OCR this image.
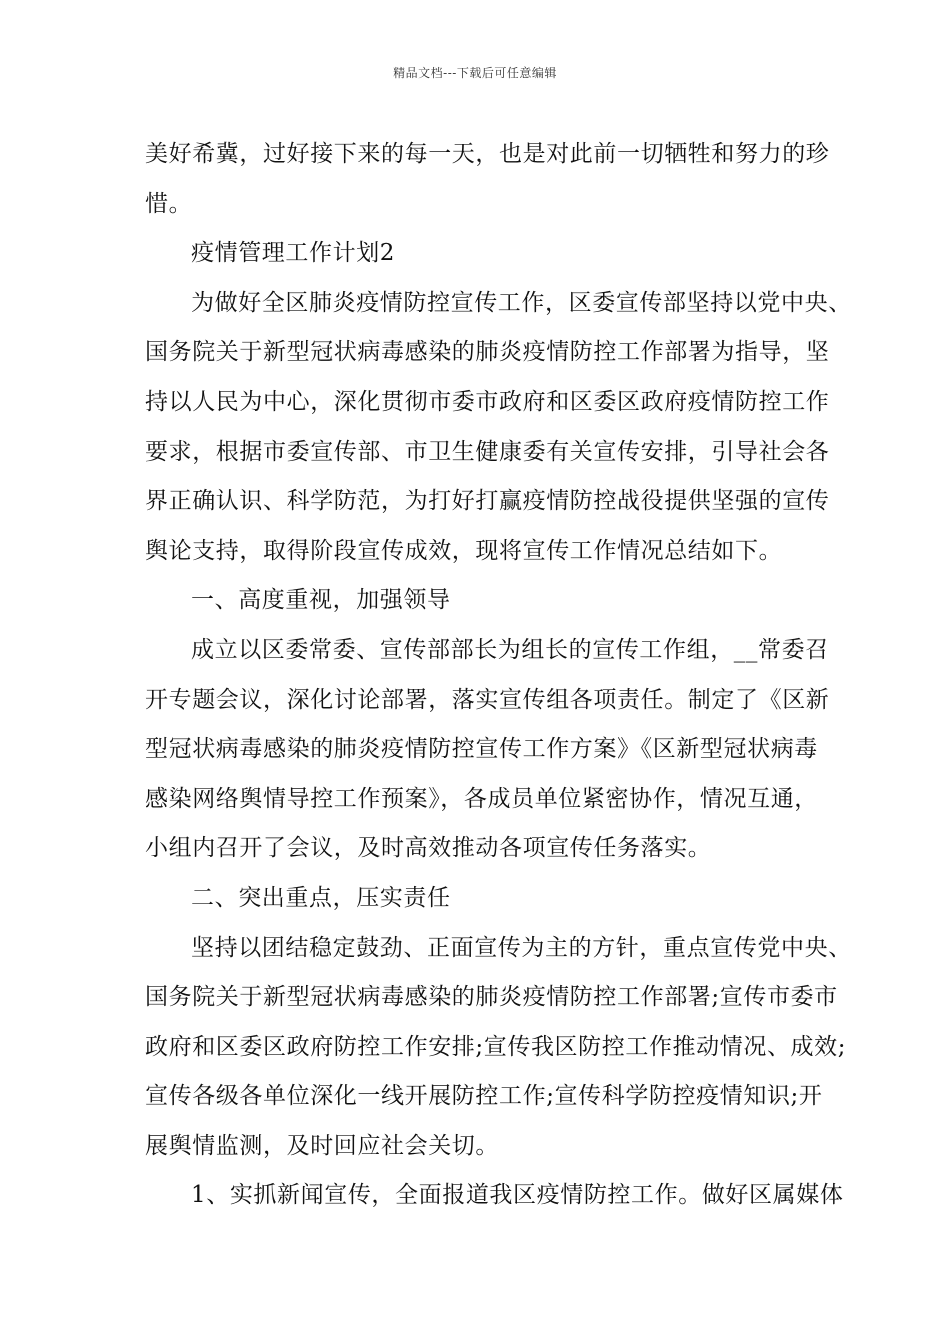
精品文档---下载后可任意编辑
美好希冀，过好接下来的每一天，也是对此前一切牺牲和努力的珍
惜。
疫情管理工作计划2
为做好全区肺炎疫情防控宣传工作，区委宣传部坚持以党中央、
国务院关于新型冠状病毒感染的肺炎疫情防控工作部署为指导，坚
持以人民为中心，深化贯彻市委市政府和区委区政府疫情防控工作
要求，根据市委宣传部、市卫生健康委有关宣传安排，引导社会各
界正确认识、科学防范，为打好打赢疫情防控战役提供坚强的宣传
舆论支持，取得阶段宣传成效，现将宣传工作情况总结如下。
一、高度重视，加强领导
成立以区委常委、宣传部部长为组长的宣传工作组，__常委召
开专题会议，深化讨论部署，落实宣传组各项责任。制定了《区新
型冠状病毒感染的肺炎疫情防控宣传工作方案》《区新型冠状病毒
感染网络舆情导控工作预案》，各成员单位紧密协作，情况互通，
小组内召开了会议，及时高效推动各项宣传任务落实。
二、突出重点，压实责任
坚持以团结稳定鼓劲、正面宣传为主的方针，重点宣传党中央、
国务院关于新型冠状病毒感染的肺炎疫情防控工作部署;宣传市委市
政府和区委区政府防控工作安排;宣传我区防控工作推动情况、成效;
宣传各级各单位深化一线开展防控工作;宣传科学防控疫情知识;开
展舆情监测，及时回应社会关切。
1、实抓新闻宣传，全面报道我区疫情防控工作。做好区属媒体
